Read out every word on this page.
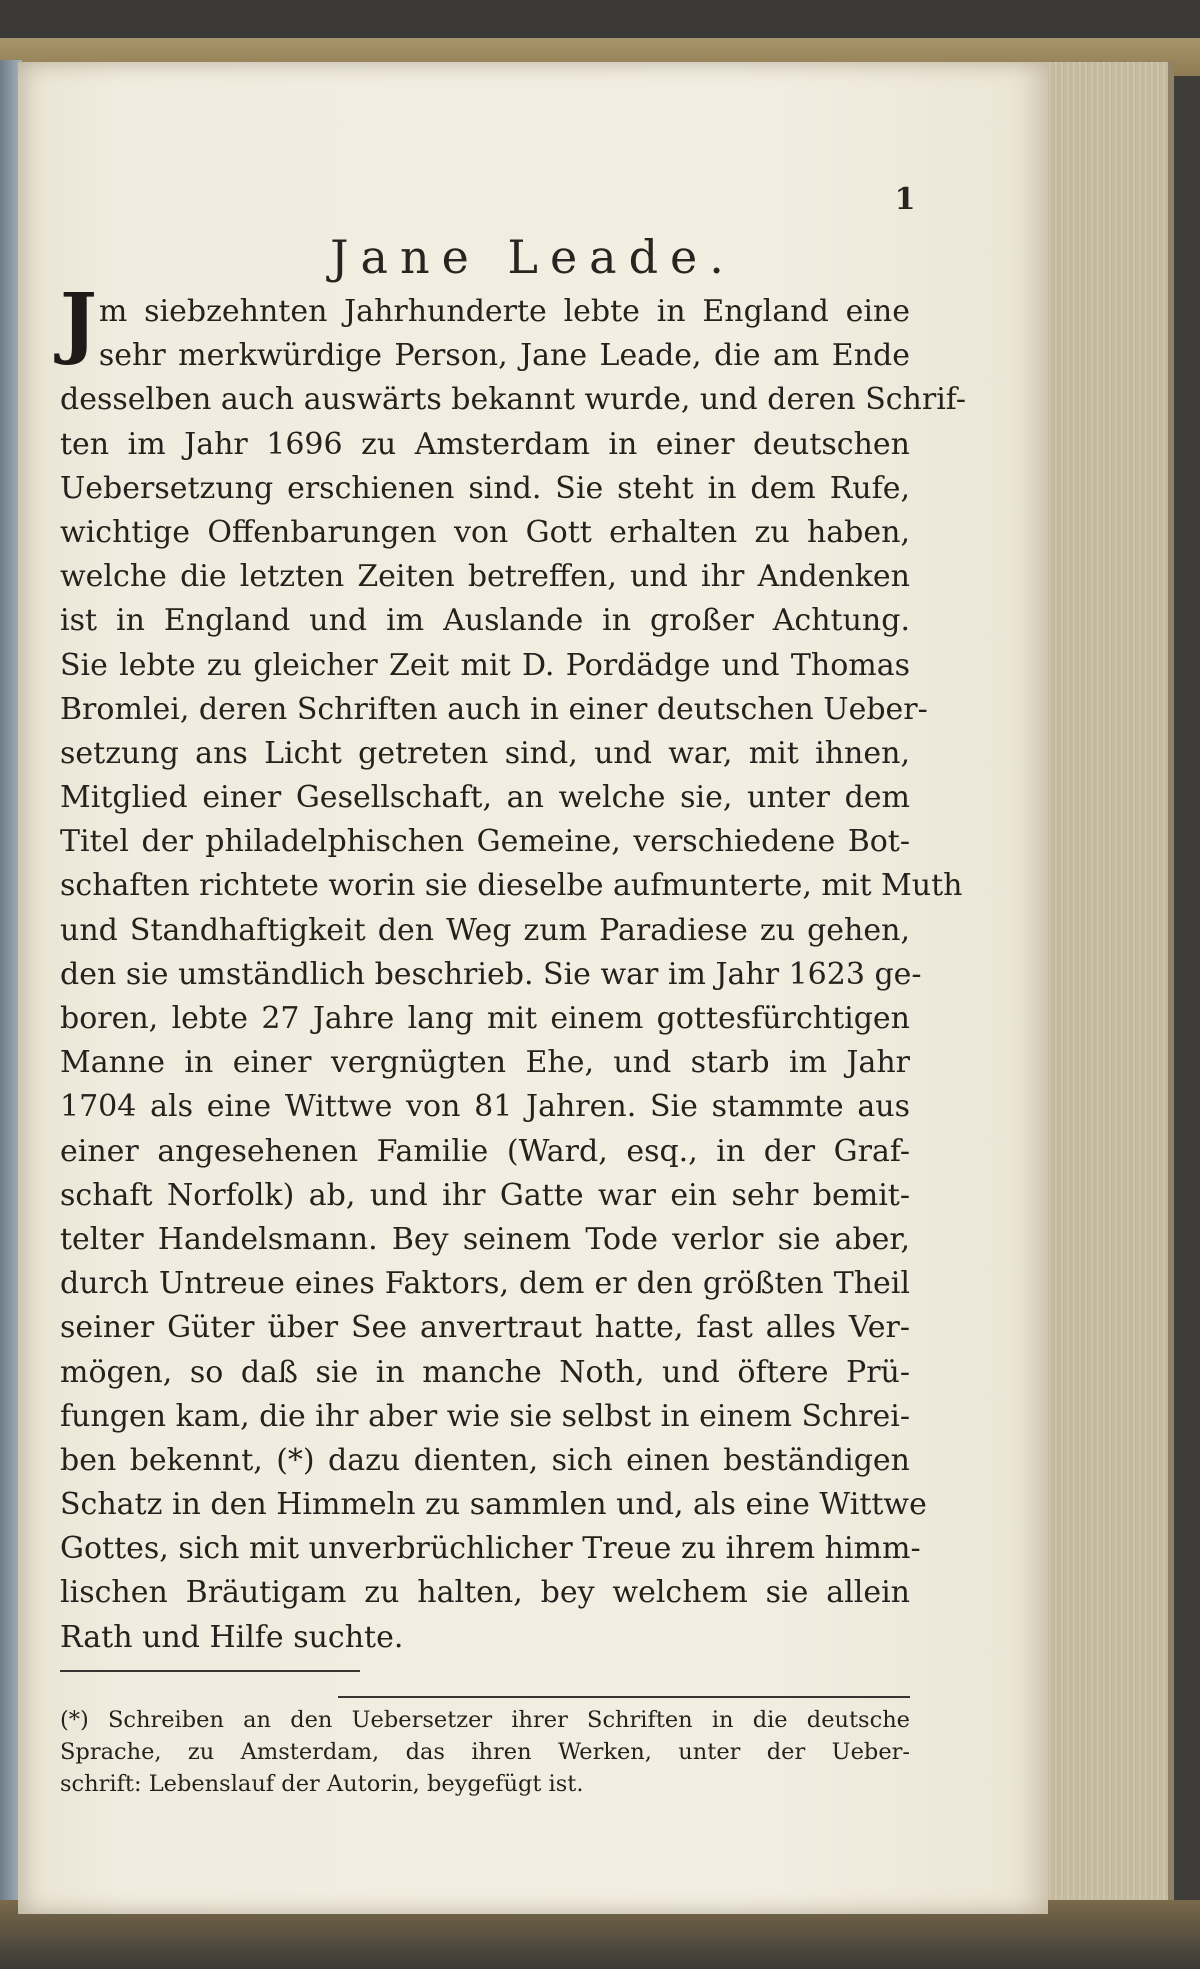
1
Jane Leade.
J m siebzehnten Jahrhunderte lebte in England eine
sehr merkwürdige Person, Jane Leade, die am Ende
desselben auch auswärts bekannt wurde, und deren Schrif-
ten im Jahr 1696 zu Amsterdam in einer deutschen
Uebersetzung erschienen sind. Sie steht in dem Rufe,
wichtige Offenbarungen von Gott erhalten zu haben,
welche die letzten Zeiten betreffen, und ihr Andenken
ist in England und im Auslande in großer Achtung.
Sie lebte zu gleicher Zeit mit D. Pordädge und Thomas
Bromlei, deren Schriften auch in einer deutschen Ueber-
setzung ans Licht getreten sind, und war, mit ihnen,
Mitglied einer Gesellschaft, an welche sie, unter dem
Titel der philadelphischen Gemeine, verschiedene Bot-
schaften richtete worin sie dieselbe aufmunterte, mit Muth
und Standhaftigkeit den Weg zum Paradiese zu gehen,
den sie umständlich beschrieb. Sie war im Jahr 1623 ge-
boren, lebte 27 Jahre lang mit einem gottesfürchtigen
Manne in einer vergnügten Ehe, und starb im Jahr
1704 als eine Wittwe von 81 Jahren. Sie stammte aus
einer angesehenen Familie (Ward, esq., in der Graf-
schaft Norfolk) ab, und ihr Gatte war ein sehr bemit-
telter Handelsmann. Bey seinem Tode verlor sie aber,
durch Untreue eines Faktors, dem er den größten Theil
seiner Güter über See anvertraut hatte, fast alles Ver-
mögen, so daß sie in manche Noth, und öftere Prü-
fungen kam, die ihr aber wie sie selbst in einem Schrei-
ben bekennt, (*) dazu dienten, sich einen beständigen
Schatz in den Himmeln zu sammlen und, als eine Wittwe
Gottes, sich mit unverbrüchlicher Treue zu ihrem himm-
lischen Bräutigam zu halten, bey welchem sie allein
Rath und Hilfe suchte.
(*) Schreiben an den Uebersetzer ihrer Schriften in die deutsche
Sprache, zu Amsterdam, das ihren Werken, unter der Ueber-
schrift: Lebenslauf der Autorin, beygefügt ist.
